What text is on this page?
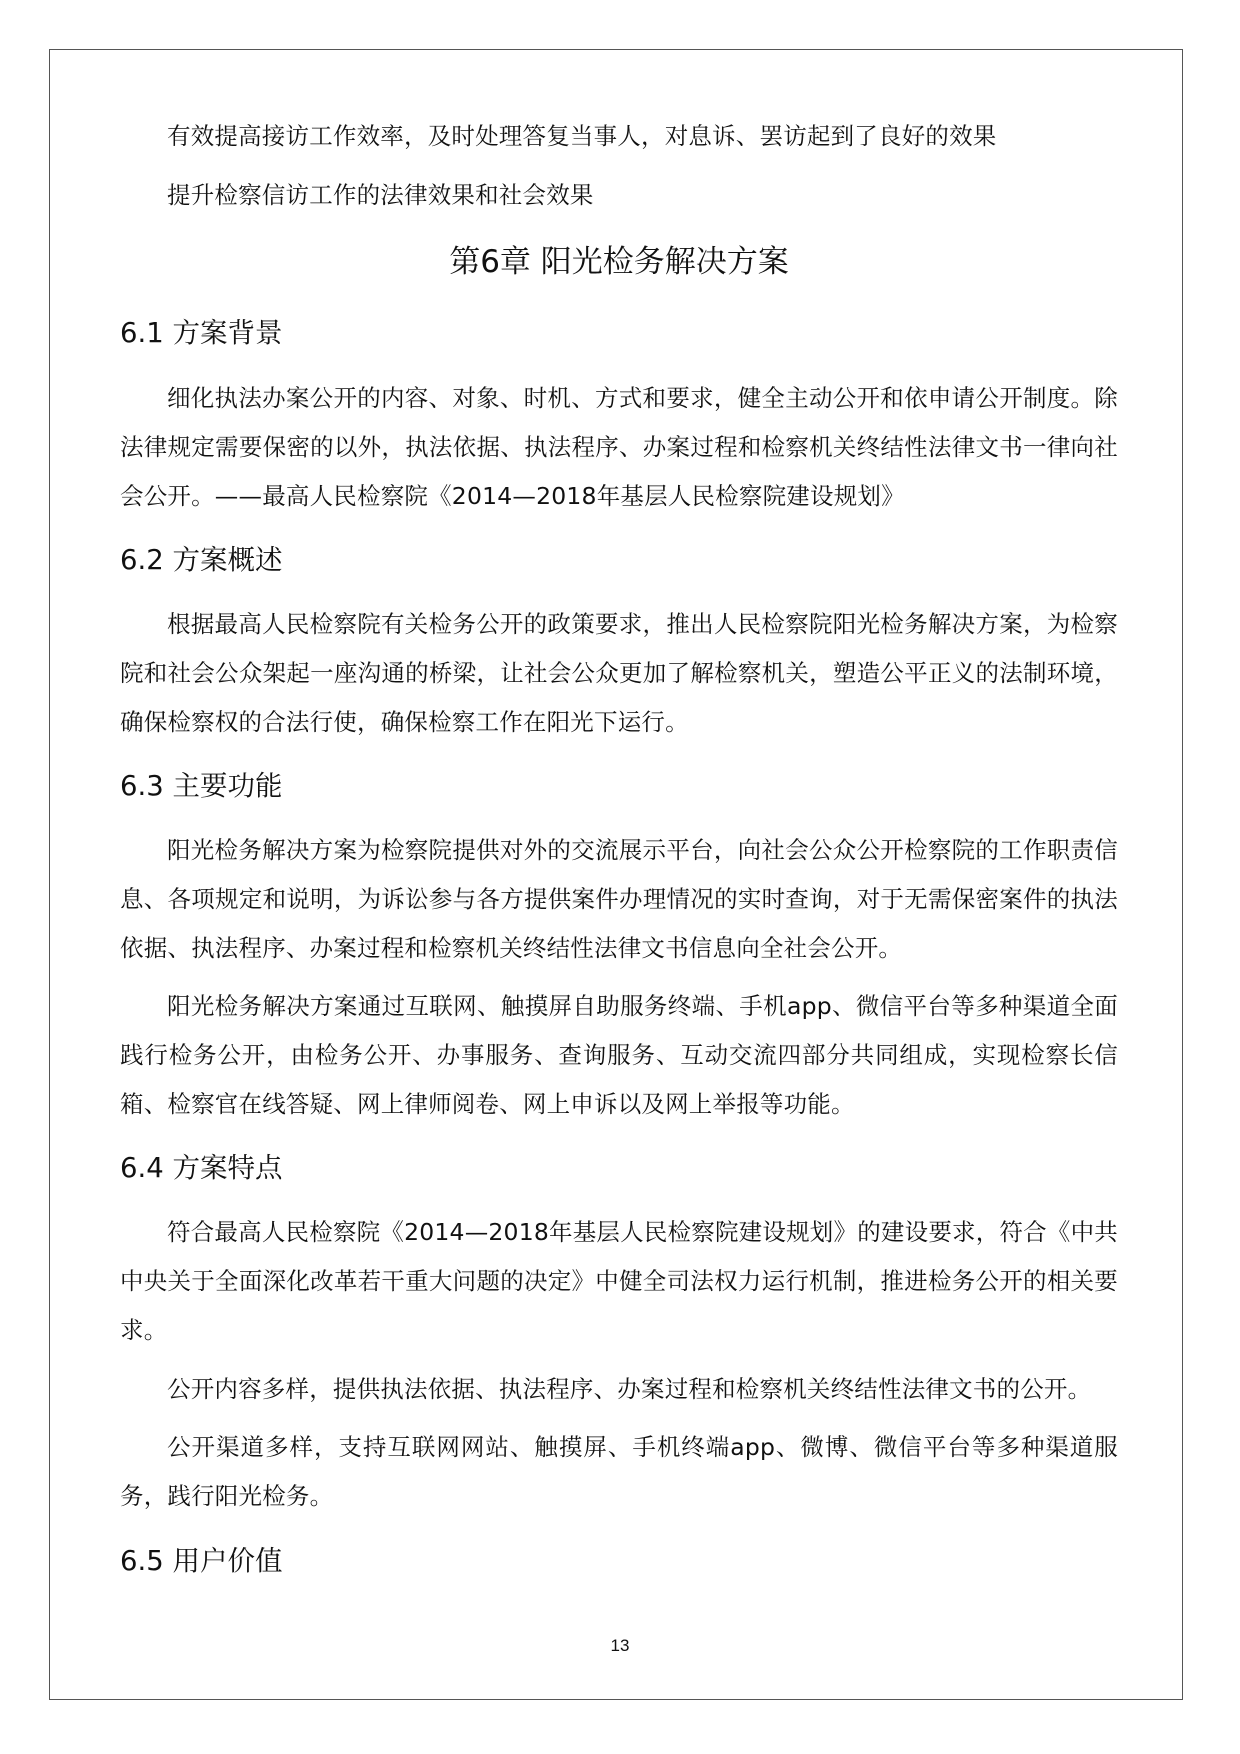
有效提高接访工作效率，及时处理答复当事人，对息诉、罢访起到了良好的效果

提升检察信访工作的法律效果和社会效果

第6章 阳光检务解决方案
6.1 方案背景

细化执法办案公开的内容、对象、时机、方式和要求，健全主动公开和依申请公开制度。除法律规定需要保密的以外，执法依据、执法程序、办案过程和检察机关终结性法律文书一律向社会公开。——最高人民检察院《2014—2018年基层人民检察院建设规划》

6.2 方案概述

根据最高人民检察院有关检务公开的政策要求，推出人民检察院阳光检务解决方案，为检察院和社会公众架起一座沟通的桥梁，让社会公众更加了解检察机关，塑造公平正义的法制环境，确保检察权的合法行使，确保检察工作在阳光下运行。

6.3 主要功能

阳光检务解决方案为检察院提供对外的交流展示平台，向社会公众公开检察院的工作职责信息、各项规定和说明，为诉讼参与各方提供案件办理情况的实时查询，对于无需保密案件的执法依据、执法程序、办案过程和检察机关终结性法律文书信息向全社会公开。

阳光检务解决方案通过互联网、触摸屏自助服务终端、手机app、微信平台等多种渠道全面践行检务公开，由检务公开、办事服务、查询服务、互动交流四部分共同组成，实现检察长信箱、检察官在线答疑、网上律师阅卷、网上申诉以及网上举报等功能。

6.4 方案特点

符合最高人民检察院《2014—2018年基层人民检察院建设规划》的建设要求，符合《中共中央关于全面深化改革若干重大问题的决定》中健全司法权力运行机制，推进检务公开的相关要求。

公开内容多样，提供执法依据、执法程序、办案过程和检察机关终结性法律文书的公开。

公开渠道多样，支持互联网网站、触摸屏、手机终端app、微博、微信平台等多种渠道服务，践行阳光检务。

6.5 用户价值
13
